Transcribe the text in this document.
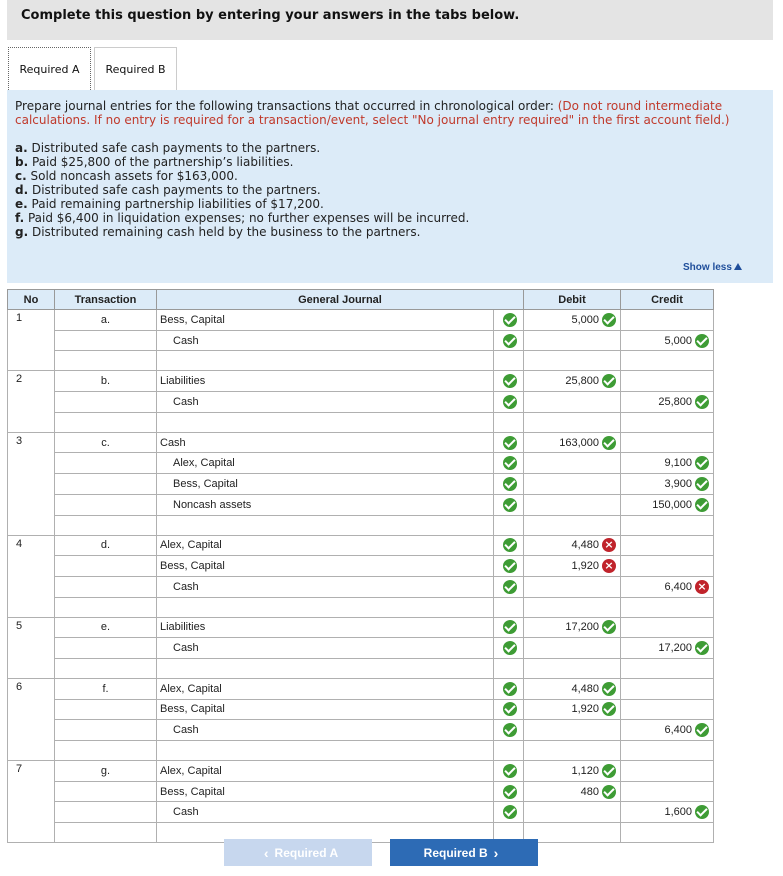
Complete this question by entering your answers in the tabs below.
Required A	Required B
Prepare journal entries for the following transactions that occurred in chronological order: (Do not round intermediate calculations. If no entry is required for a transaction/event, select "No journal entry required" in the first account field.)
a. Distributed safe cash payments to the partners.
b. Paid $25,800 of the partnership’s liabilities.
c. Sold noncash assets for $163,000.
d. Distributed safe cash payments to the partners.
e. Paid remaining partnership liabilities of $17,200.
f. Paid $6,400 in liquidation expenses; no further expenses will be incurred.
g. Distributed remaining cash held by the business to the partners.
Show less
No	Transaction	General Journal		Debit	Credit
1	a.	Bess, Capital		5,000	
		Cash			5,000

2	b.	Liabilities		25,800	
		Cash			25,800

3	c.	Cash		163,000	
		Alex, Capital			9,100
		Bess, Capital			3,900
		Noncash assets			150,000

4	d.	Alex, Capital		4,480 ×	
		Bess, Capital		1,920 ×	
		Cash			6,400 ×

5	e.	Liabilities		17,200	
		Cash			17,200

6	f.	Alex, Capital		4,480	
		Bess, Capital		1,920	
		Cash			6,400

7	g.	Alex, Capital		1,120	
		Bess, Capital		480	
		Cash			1,600

‹ Required A	Required B ›
